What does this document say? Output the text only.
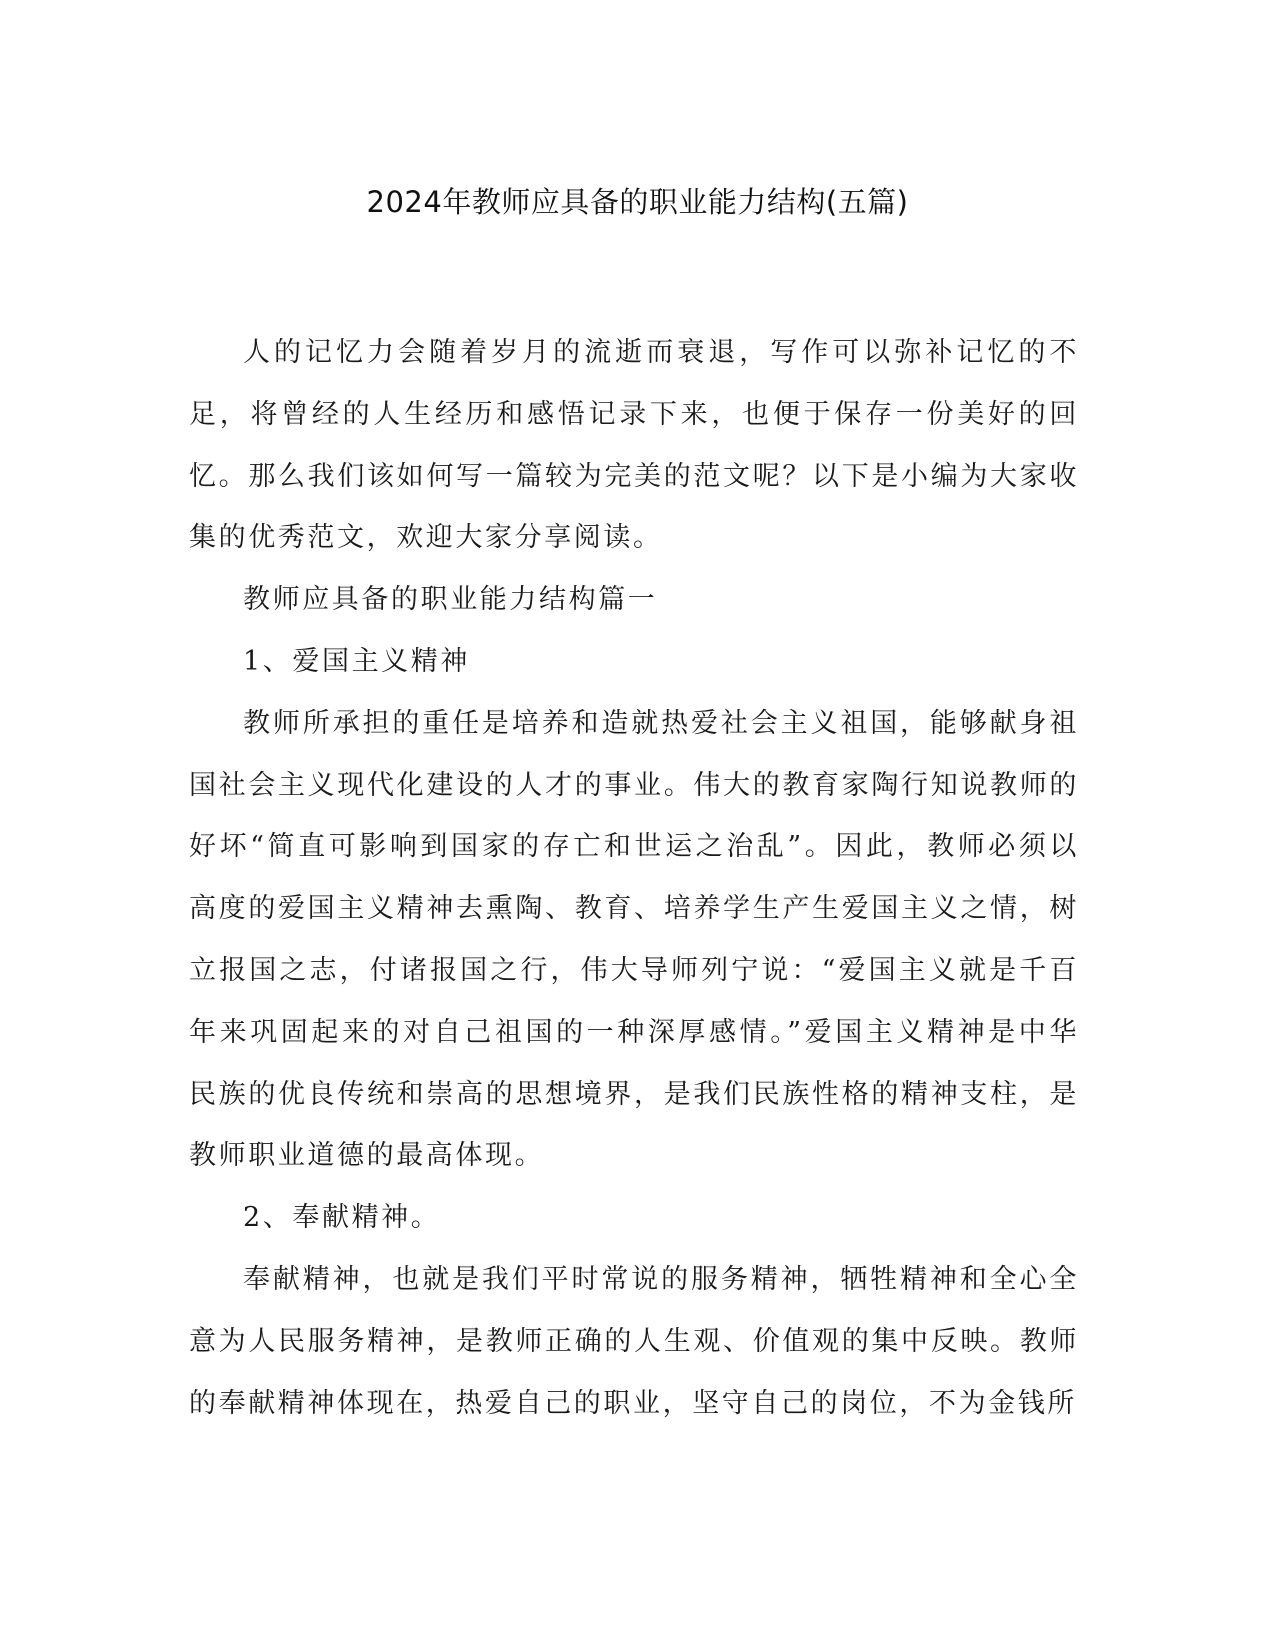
2024年教师应具备的职业能力结构(五篇)

人的记忆力会随着岁月的流逝而衰退，写作可以弥补记忆的不足，将曾经的人生经历和感悟记录下来，也便于保存一份美好的回忆。那么我们该如何写一篇较为完美的范文呢？以下是小编为大家收集的优秀范文，欢迎大家分享阅读。

教师应具备的职业能力结构篇一

1、爱国主义精神

教师所承担的重任是培养和造就热爱社会主义祖国，能够献身祖国社会主义现代化建设的人才的事业。伟大的教育家陶行知说教师的好坏“简直可影响到国家的存亡和世运之治乱”。因此，教师必须以高度的爱国主义精神去熏陶、教育、培养学生产生爱国主义之情，树立报国之志，付诸报国之行，伟大导师列宁说：“爱国主义就是千百年来巩固起来的对自己祖国的一种深厚感情。”爱国主义精神是中华民族的优良传统和崇高的思想境界，是我们民族性格的精神支柱，是教师职业道德的最高体现。

2、奉献精神。

奉献精神，也就是我们平时常说的服务精神，牺牲精神和全心全意为人民服务精神，是教师正确的人生观、价值观的集中反映。教师的奉献精神体现在，热爱自己的职业，坚守自己的岗位，不为金钱所
